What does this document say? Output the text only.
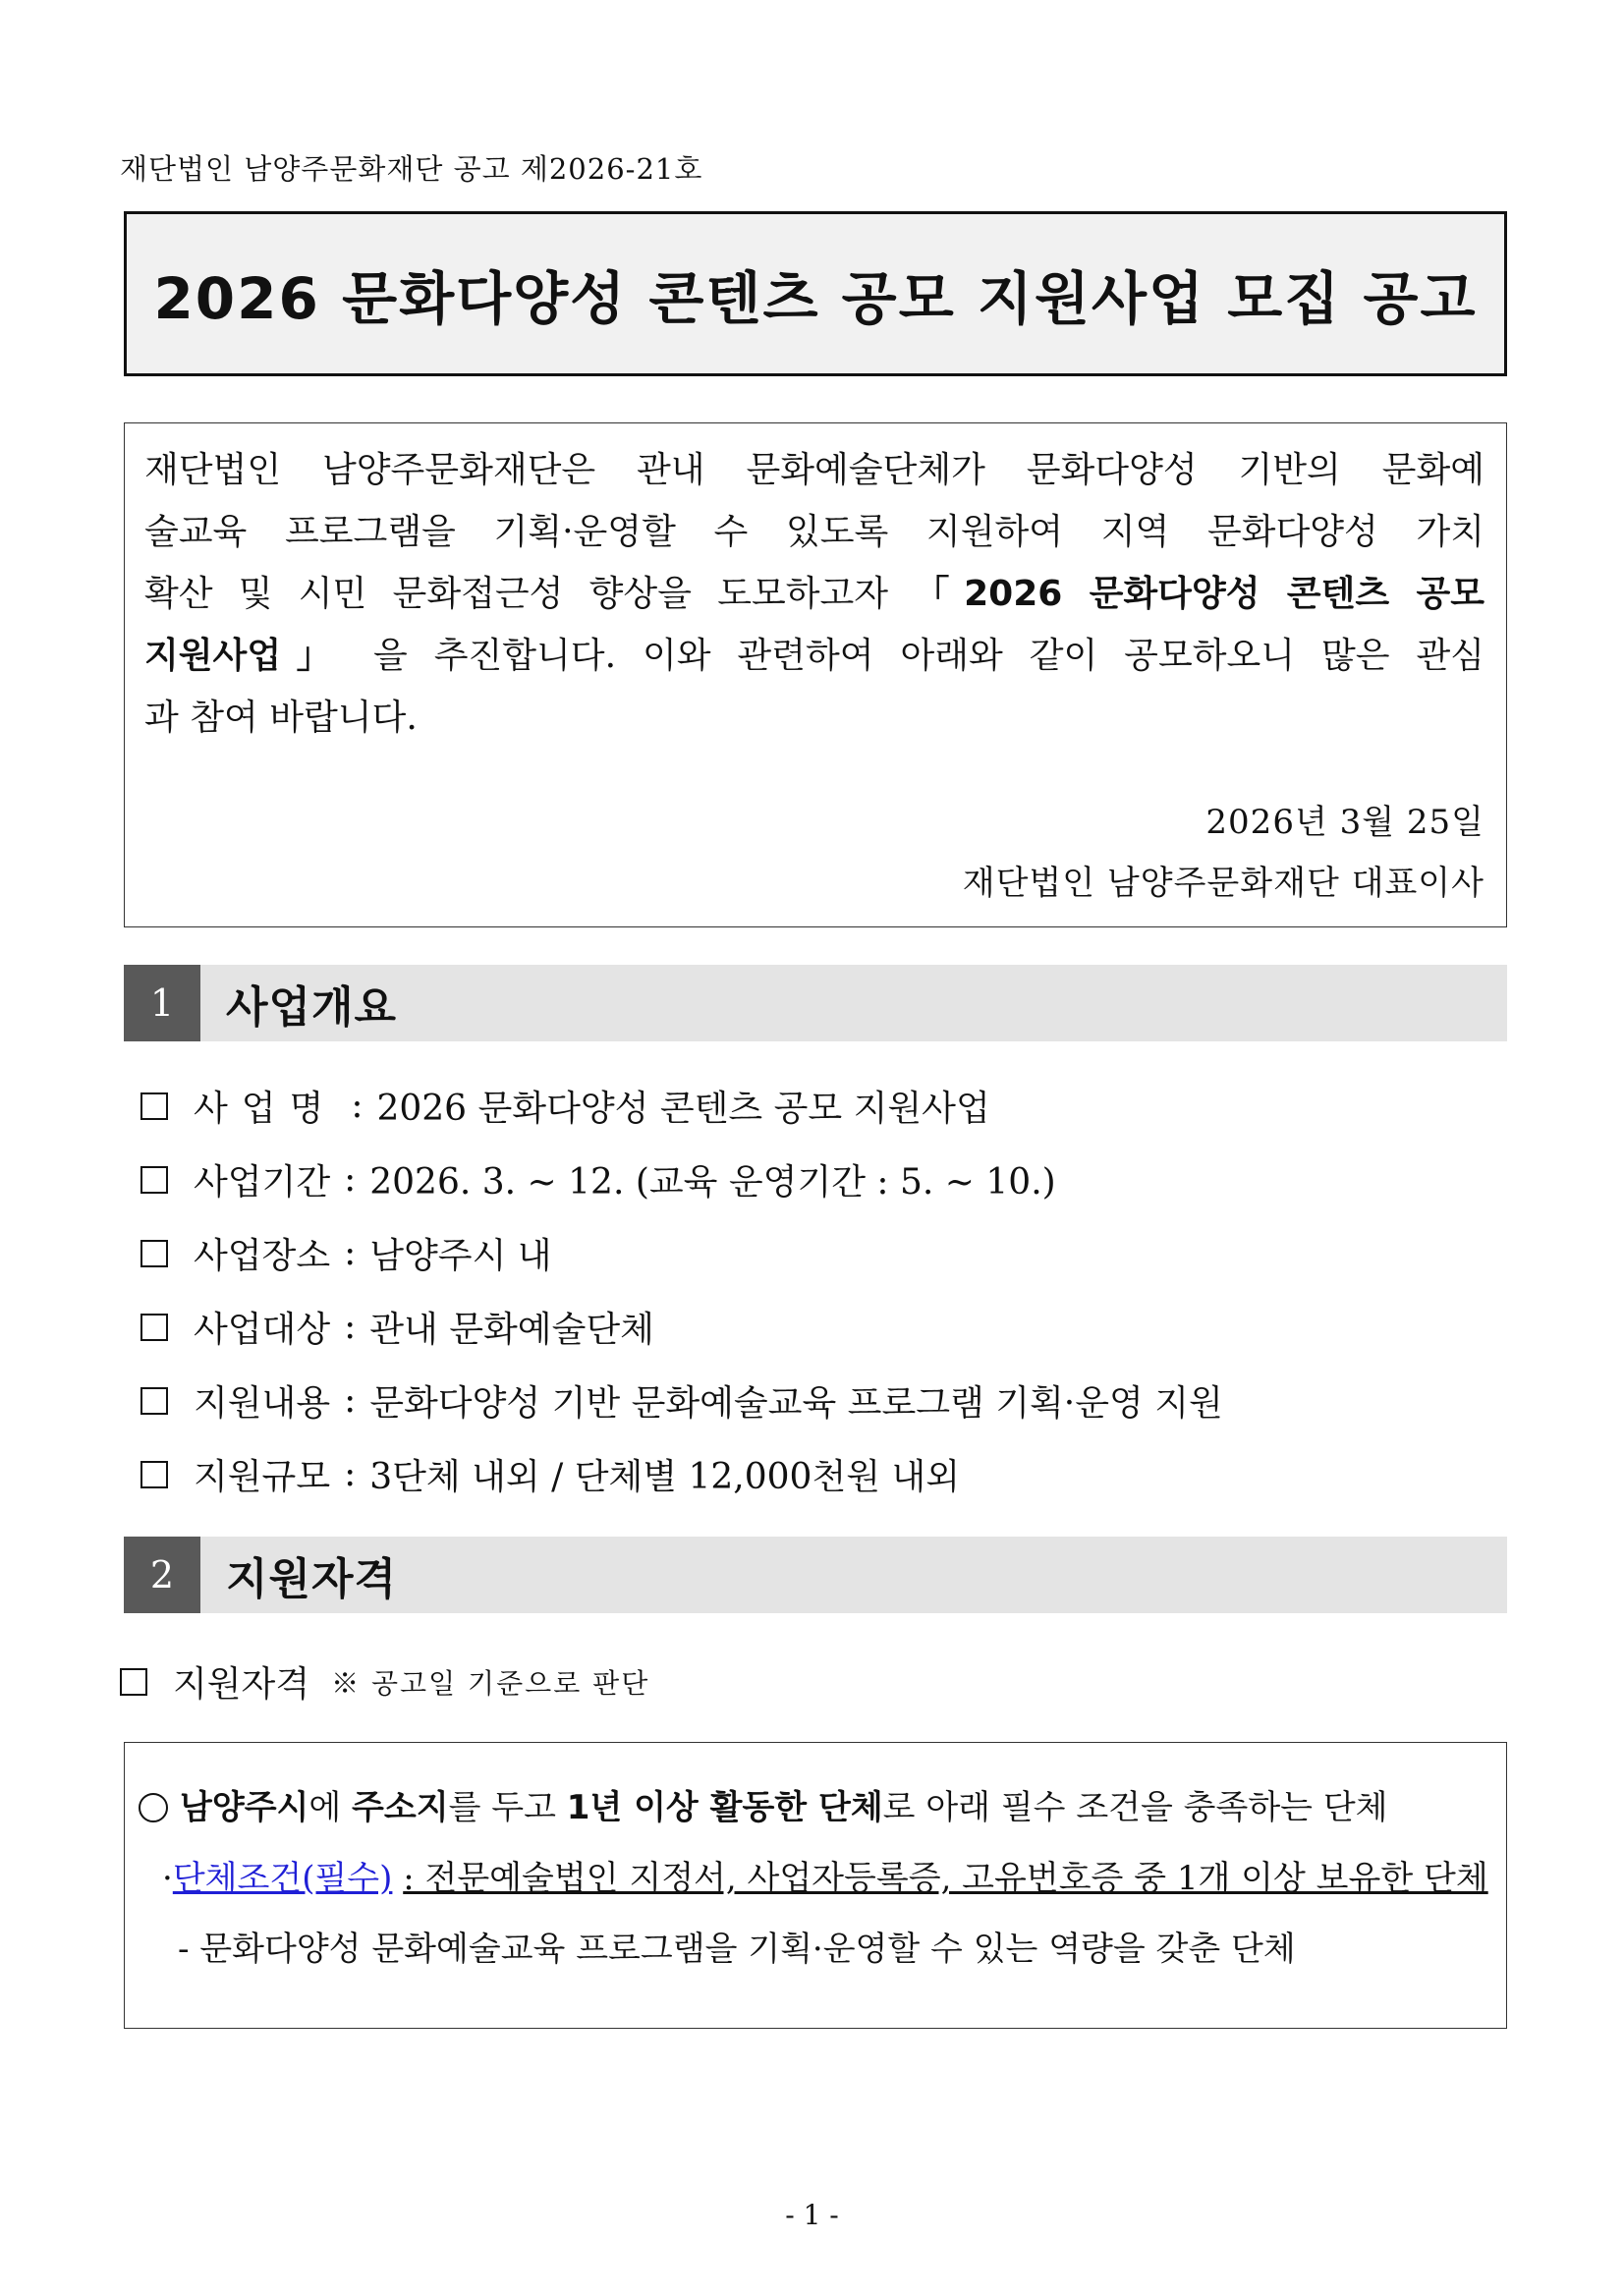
재단법인 남양주문화재단 공고 제2026-21호
2026 문화다양성 콘텐츠 공모 지원사업 모집 공고
재단법인 남양주문화재단은 관내 문화예술단체가 문화다양성 기반의 문화예
술교육 프로그램을 기획·운영할 수 있도록 지원하여 지역 문화다양성 가치
확산 및 시민 문화접근성 향상을 도모하고자 「2026 문화다양성 콘텐츠 공모
지원사업」 을 추진합니다. 이와 관련하여 아래와 같이 공모하오니 많은 관심
과 참여 바랍니다.
2026년 3월 25일
재단법인 남양주문화재단 대표이사
1	사업개요
사업명 : 2026 문화다양성 콘텐츠 공모 지원사업
사업기간 : 2026. 3. ~ 12. (교육 운영기간 : 5. ~ 10.)
사업장소 : 남양주시 내
사업대상 : 관내 문화예술단체
지원내용 : 문화다양성 기반 문화예술교육 프로그램 기획·운영 지원
지원규모 : 3단체 내외 / 단체별 12,000천원 내외
2	지원자격
지원자격 ※ 공고일 기준으로 판단
남양주시에 주소지를 두고 1년 이상 활동한 단체로 아래 필수 조건을 충족하는 단체
·단체조건(필수) : 전문예술법인 지정서, 사업자등록증, 고유번호증 중 1개 이상 보유한 단체
- 문화다양성 문화예술교육 프로그램을 기획·운영할 수 있는 역량을 갖춘 단체
- 1 -
